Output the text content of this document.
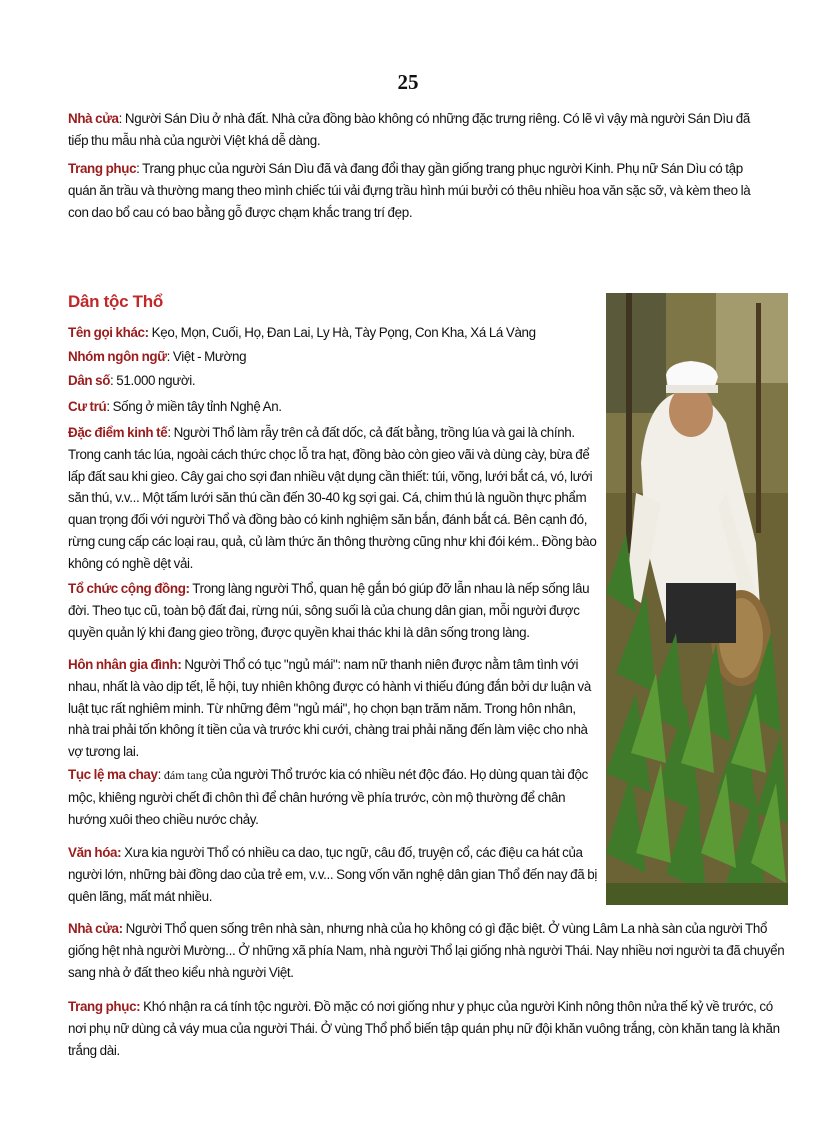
25
Nhà cửa: Người Sán Dìu ở nhà đất. Nhà cửa đồng bào không có những đặc trưng riêng. Có lẽ vì vậy mà người Sán Dìu đã tiếp thu mẫu nhà của người Việt khá dễ dàng.
Trang phục: Trang phục của người Sán Dìu đã và đang đổi thay gần giống trang phục người Kinh. Phụ nữ Sán Dìu có tập quán ăn trầu và thường mang theo mình chiếc túi vải đựng trầu hình múi bưởi có thêu nhiều hoa văn sặc sỡ, và kèm theo là con dao bổ cau có bao bằng gỗ được chạm khắc trang trí đẹp.
Dân tộc Thổ
Tên gọi khác: Kẹo, Mọn, Cuối, Họ, Đan Lai, Ly Hà, Tày Pọng, Con Kha, Xá Lá Vàng
Nhóm ngôn ngữ: Việt - Mường
Dân số: 51.000 người.
Cư trú: Sống ở miền tây tỉnh Nghệ An.
Đặc điểm kinh tế: Người Thổ làm rẫy trên cả đất dốc, cả đất bằng, trồng lúa và gai là chính. Trong canh tác lúa, ngoài cách thức chọc lỗ tra hạt, đồng bào còn gieo vãi và dùng cày, bừa để lấp đất sau khi gieo. Cây gai cho sợi đan nhiều vật dụng cần thiết: túi, võng, lưới bắt cá, vó, lưới săn thú, v.v... Một tấm lưới săn thú cần đến 30-40 kg sợi gai. Cá, chim thú là nguồn thực phẩm quan trọng đối với người Thổ và đồng bào có kinh nghiệm săn bắn, đánh bắt cá. Bên cạnh đó, rừng cung cấp các loại rau, quả, củ làm thức ăn thông thường cũng như khi đói kém.. Đồng bào không có nghề dệt vải.
Tổ chức cộng đồng: Trong làng người Thổ, quan hệ gắn bó giúp đỡ lẫn nhau là nếp sống lâu đời. Theo tục cũ, toàn bộ đất đai, rừng núi, sông suối là của chung dân gian, mỗi người được quyền quản lý khi đang gieo trồng, được quyền khai thác khi là dân sống trong làng.
Hôn nhân gia đình: Người Thổ có tục "ngủ mái": nam nữ thanh niên được nằm tâm tình với nhau, nhất là vào dịp tết, lễ hội, tuy nhiên không được có hành vi thiếu đúng đắn bởi dư luận và luật tục rất nghiêm minh. Từ những đêm "ngủ mái", họ chọn bạn trăm năm. Trong hôn nhân, nhà trai phải tốn không ít tiền của và trước khi cưới, chàng trai phải năng đến làm việc cho nhà vợ tương lai.
Tục lệ ma chay: đám tang của người Thổ trước kia có nhiều nét độc đáo. Họ dùng quan tài độc mộc, khiêng người chết đi chôn thì để chân hướng về phía trước, còn mộ thường để chân hướng xuôi theo chiều nước chảy.
Văn hóa: Xưa kia người Thổ có nhiều ca dao, tục ngữ, câu đố, truyện cổ, các điệu ca hát của người lớn, những bài đồng dao của trẻ em, v.v... Song vốn văn nghệ dân gian Thổ đến nay đã bị quên lãng, mất mát nhiều.
Nhà cửa: Người Thổ quen sống trên nhà sàn, nhưng nhà của họ không có gì đặc biệt. Ở vùng Lâm La nhà sàn của người Thổ giống hệt nhà người Mường... Ở những xã phía Nam, nhà người Thổ lại giống nhà người Thái. Nay nhiều nơi người ta đã chuyển sang nhà ở đất theo kiểu nhà người Việt.
Trang phục: Khó nhận ra cá tính tộc người. Đồ mặc có nơi giống như y phục của người Kinh nông thôn nửa thế kỷ về trước, có nơi phụ nữ dùng cả váy mua của người Thái. Ở vùng Thổ phổ biến tập quán phụ nữ đội khăn vuông trắng, còn khăn tang là khăn trắng dài.
